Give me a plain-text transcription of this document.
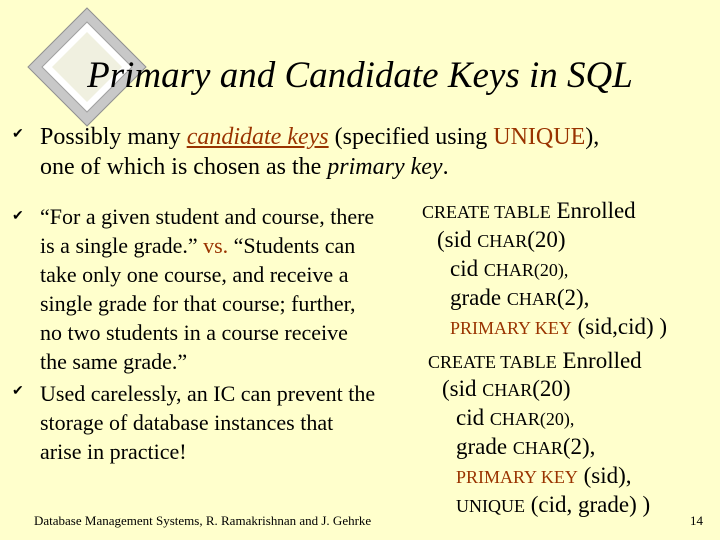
Primary and Candidate Keys in SQL
✔ Possibly many candidate keys (specified using UNIQUE),
one of which is chosen as the primary key.
✔ “For a given student and course, there
is a single grade.” vs. “Students can
take only one course, and receive a
single grade for that course; further,
no two students in a course receive
the same grade.”
✔ Used carelessly, an IC can prevent the
storage of database instances that
arise in practice!
CREATE TABLE Enrolled
(sid CHAR(20)
cid CHAR(20),
grade CHAR(2),
PRIMARY KEY (sid,cid) )
CREATE TABLE Enrolled
(sid CHAR(20)
cid CHAR(20),
grade CHAR(2),
PRIMARY KEY (sid),
UNIQUE (cid, grade) )
Database Management Systems, R. Ramakrishnan and J. Gehrke	14
